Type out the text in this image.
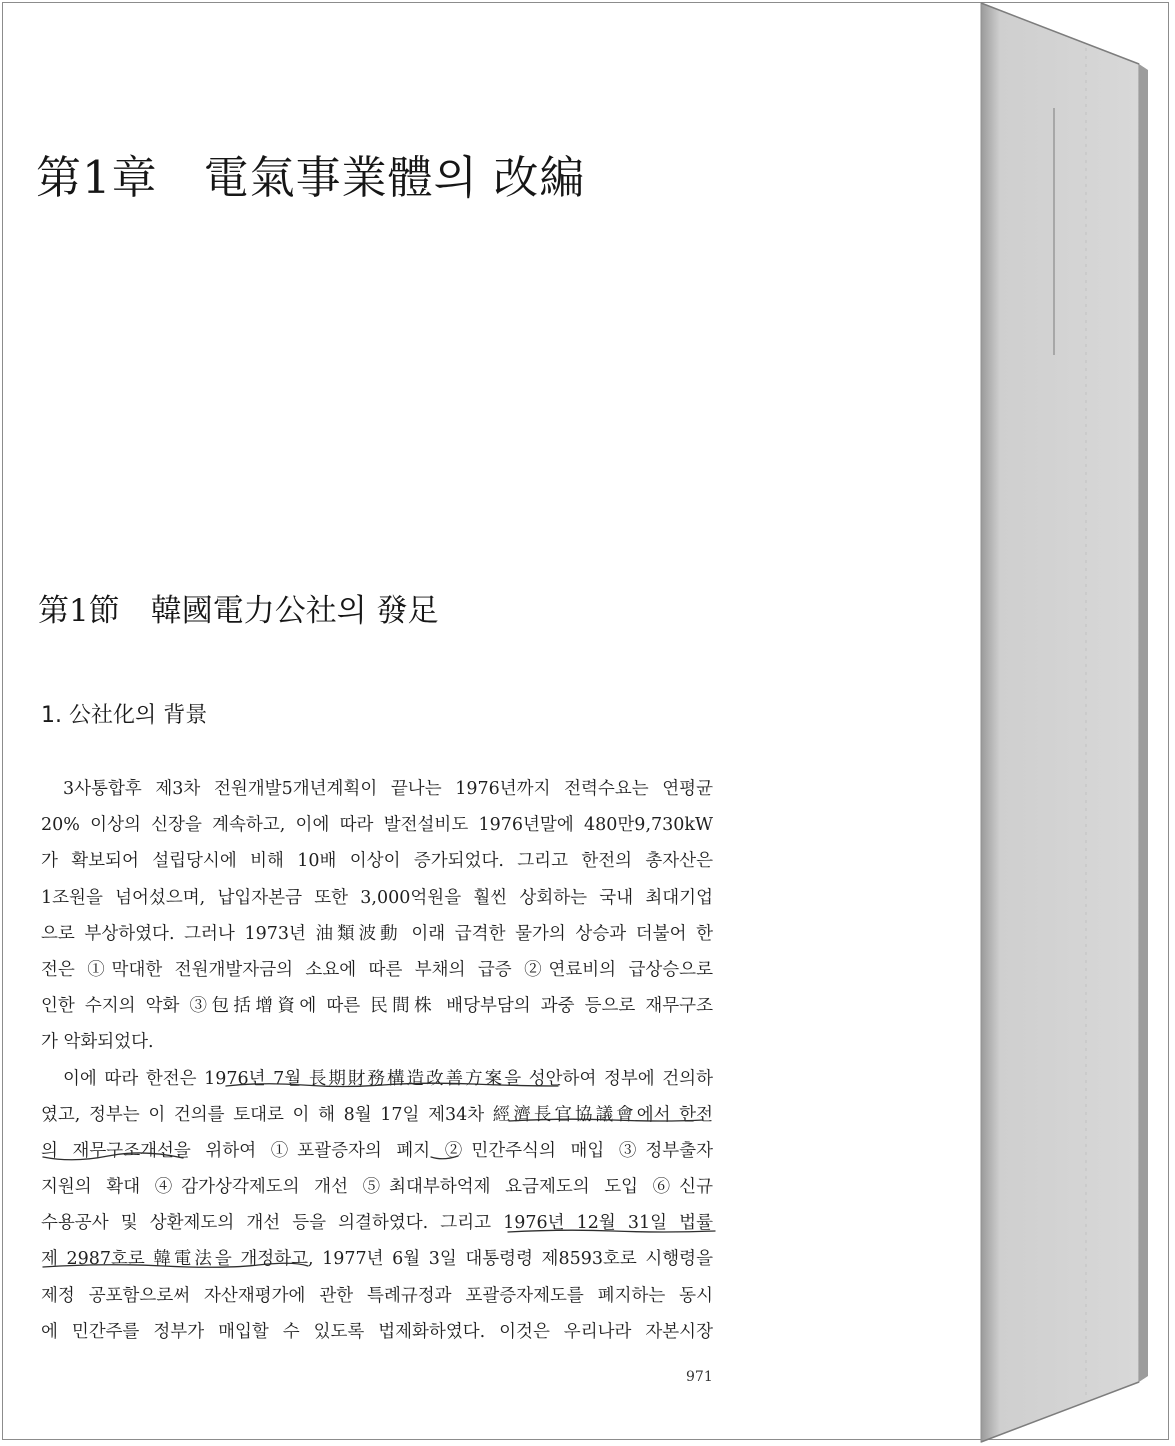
第1章　電氣事業體의 改編
第1節　韓國電力公社의 發足
1. 公社化의 背景
3사통합후 제3차 전원개발5개년계획이 끝나는 1976년까지 전력수요는 연평균
20% 이상의 신장을 계속하고, 이에 따라 발전설비도 1976년말에 480만9,730kW
가 확보되어 설립당시에 비해 10배 이상이 증가되었다. 그리고 한전의 총자산은
1조원을 넘어섰으며, 납입자본금 또한 3,000억원을 훨씬 상회하는 국내 최대기업
으로 부상하였다. 그러나 1973년 油類波動 이래 급격한 물가의 상승과 더불어 한
전은 ①막대한 전원개발자금의 소요에 따른 부채의 급증 ②연료비의 급상승으로
인한 수지의 악화 ③包括增資에 따른 民間株 배당부담의 과중 등으로 재무구조
가 악화되었다.
이에 따라 한전은 1976년 7월 長期財務構造改善方案을 성안하여 정부에 건의하
였고, 정부는 이 건의를 토대로 이 해 8월 17일 제34차 經濟長官協議會에서 한전
의 재무구조개선을 위하여 ①포괄증자의 폐지 ②민간주식의 매입 ③정부출자
지원의 확대 ④감가상각제도의 개선 ⑤최대부하억제 요금제도의 도입 ⑥신규
수용공사 및 상환제도의 개선 등을 의결하였다. 그리고 1976년 12월 31일 법률
제 2987호로 韓電法을 개정하고, 1977년 6월 3일 대통령령 제8593호로 시행령을
제정 공포함으로써 자산재평가에 관한 특례규정과 포괄증자제도를 폐지하는 동시
에 민간주를 정부가 매입할 수 있도록 법제화하였다. 이것은 우리나라 자본시장
971
